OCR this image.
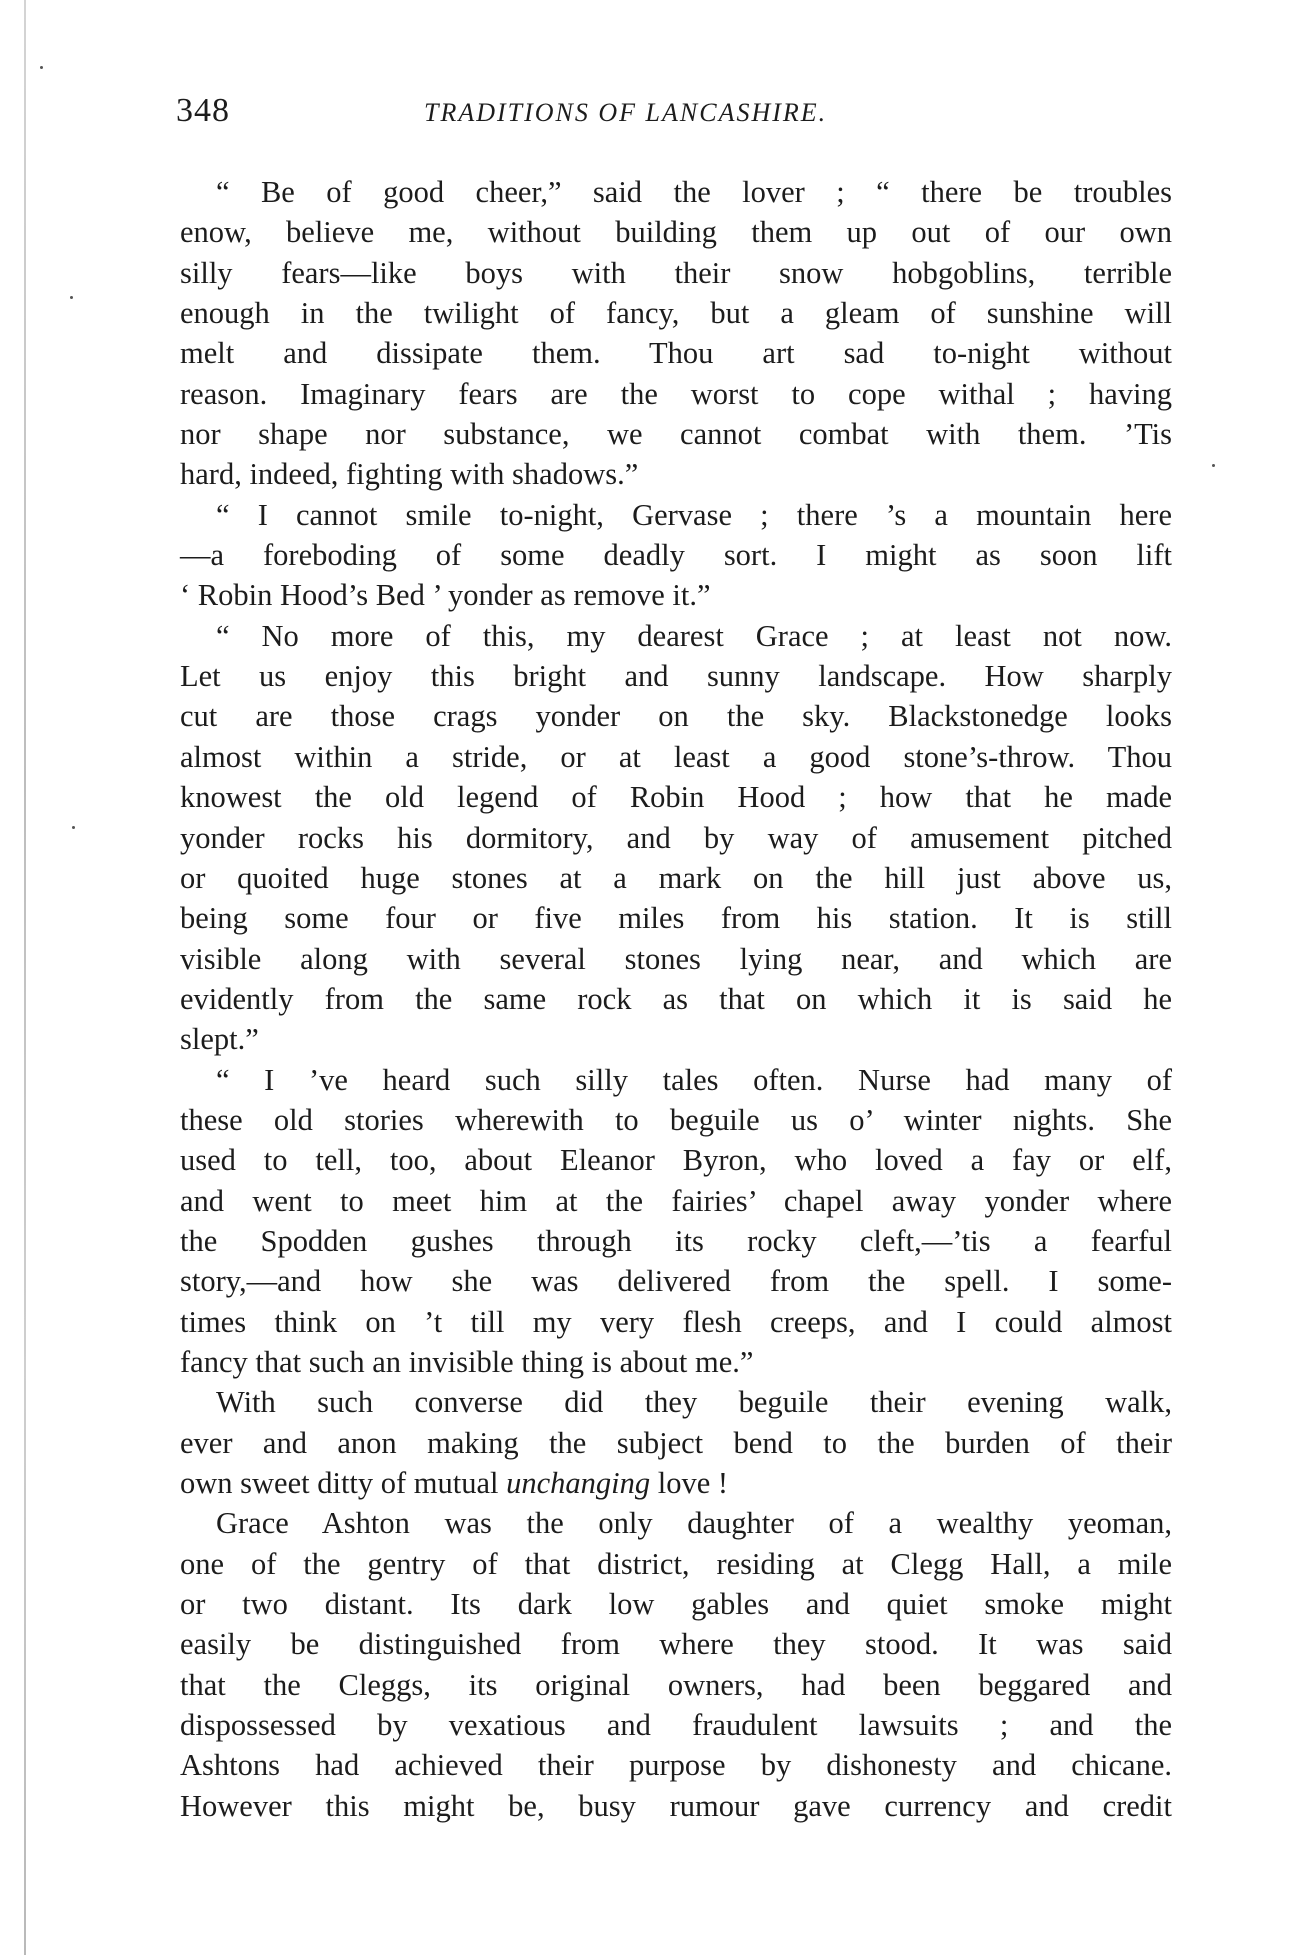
348	TRADITIONS OF LANCASHIRE.
“ Be of good cheer,” said the lover ; “ there be troubles
enow, believe me, without building them up out of our own
silly fears—like boys with their snow hobgoblins, terrible
enough in the twilight of fancy, but a gleam of sunshine will
melt and dissipate them. Thou art sad to-night without
reason. Imaginary fears are the worst to cope withal ; having
nor shape nor substance, we cannot combat with them. ’Tis
hard, indeed, fighting with shadows.”
“ I cannot smile to-night, Gervase ; there ’s a mountain here
—a foreboding of some deadly sort. I might as soon lift
‘ Robin Hood’s Bed ’ yonder as remove it.”
“ No more of this, my dearest Grace ; at least not now.
Let us enjoy this bright and sunny landscape. How sharply
cut are those crags yonder on the sky. Blackstonedge looks
almost within a stride, or at least a good stone’s-throw. Thou
knowest the old legend of Robin Hood ; how that he made
yonder rocks his dormitory, and by way of amusement pitched
or quoited huge stones at a mark on the hill just above us,
being some four or five miles from his station. It is still
visible along with several stones lying near, and which are
evidently from the same rock as that on which it is said he
slept.”
“ I ’ve heard such silly tales often. Nurse had many of
these old stories wherewith to beguile us o’ winter nights. She
used to tell, too, about Eleanor Byron, who loved a fay or elf,
and went to meet him at the fairies’ chapel away yonder where
the Spodden gushes through its rocky cleft,—’tis a fearful
story,—and how she was delivered from the spell. I some-
times think on ’t till my very flesh creeps, and I could almost
fancy that such an invisible thing is about me.”
With such converse did they beguile their evening walk,
ever and anon making the subject bend to the burden of their
own sweet ditty of mutual unchanging love !
Grace Ashton was the only daughter of a wealthy yeoman,
one of the gentry of that district, residing at Clegg Hall, a mile
or two distant. Its dark low gables and quiet smoke might
easily be distinguished from where they stood. It was said
that the Cleggs, its original owners, had been beggared and
dispossessed by vexatious and fraudulent lawsuits ; and the
Ashtons had achieved their purpose by dishonesty and chicane.
However this might be, busy rumour gave currency and credit
